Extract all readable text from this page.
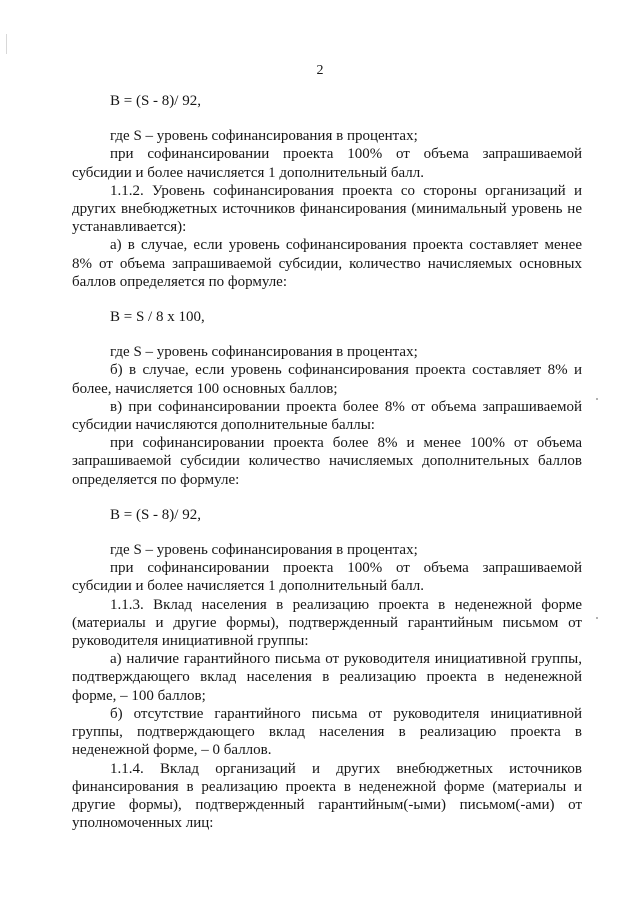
2

В = (S - 8)/ 92,

где S – уровень софинансирования в процентах;

при софинансировании проекта 100% от объема запрашиваемой субсидии и более начисляется 1 дополнительный балл.

1.1.2. Уровень софинансирования проекта со стороны организаций и других внебюджетных источников финансирования (минимальный уровень не устанавливается):

а) в случае, если уровень софинансирования проекта составляет менее 8% от объема запрашиваемой субсидии, количество начисляемых основных баллов определяется по формуле:

В = S / 8 х 100,

где S – уровень софинансирования в процентах;

б) в случае, если уровень софинансирования проекта составляет 8% и более, начисляется 100 основных баллов;

в) при софинансировании проекта более 8% от объема запрашиваемой субсидии начисляются дополнительные баллы:

при софинансировании проекта более 8% и менее 100% от объема запрашиваемой субсидии количество начисляемых дополнительных баллов определяется по формуле:

В = (S - 8)/ 92,

где S – уровень софинансирования в процентах;

при софинансировании проекта 100% от объема запрашиваемой субсидии и более начисляется 1 дополнительный балл.

1.1.3. Вклад населения в реализацию проекта в неденежной форме (материалы и другие формы), подтвержденный гарантийным письмом от руководителя инициативной группы:

а) наличие гарантийного письма от руководителя инициативной группы, подтверждающего вклад населения в реализацию проекта в неденежной форме, – 100 баллов;

б) отсутствие гарантийного письма от руководителя инициативной группы, подтверждающего вклад населения в реализацию проекта в неденежной форме, – 0 баллов.

1.1.4. Вклад организаций и других внебюджетных источников финансирования в реализацию проекта в неденежной форме (материалы и другие формы), подтвержденный гарантийным(-ыми) письмом(-ами) от уполномоченных лиц:
